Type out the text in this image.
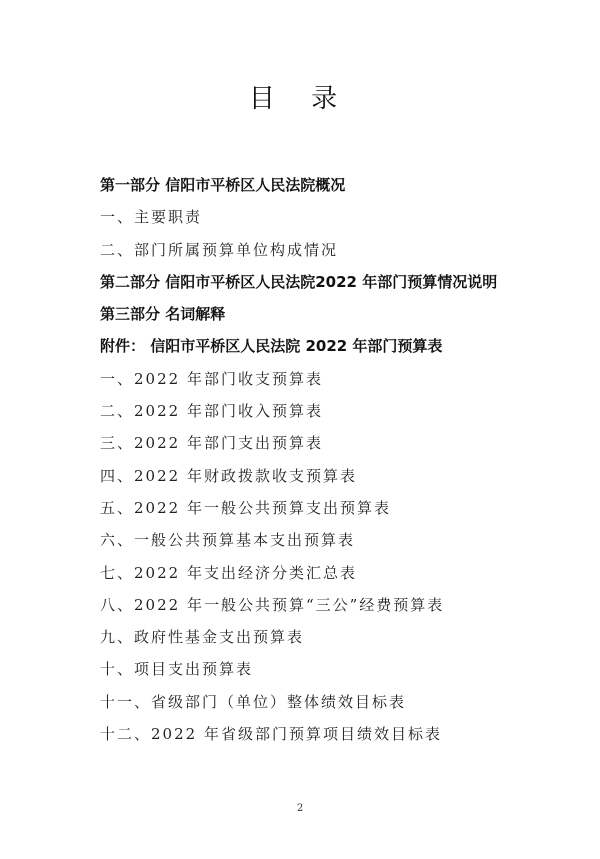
目 录
第一部分 信阳市平桥区人民法院概况
一、主要职责
二、部门所属预算单位构成情况
第二部分 信阳市平桥区人民法院2022 年部门预算情况说明
第三部分 名词解释
附件： 信阳市平桥区人民法院 2022 年部门预算表
一、2022 年部门收支预算表
二、2022 年部门收入预算表
三、2022 年部门支出预算表
四、2022 年财政拨款收支预算表
五、2022 年一般公共预算支出预算表
六、一般公共预算基本支出预算表
七、2022 年支出经济分类汇总表
八、2022 年一般公共预算“三公”经费预算表
九、政府性基金支出预算表
十、项目支出预算表
十一、省级部门（单位）整体绩效目标表
十二、2022 年省级部门预算项目绩效目标表
2
